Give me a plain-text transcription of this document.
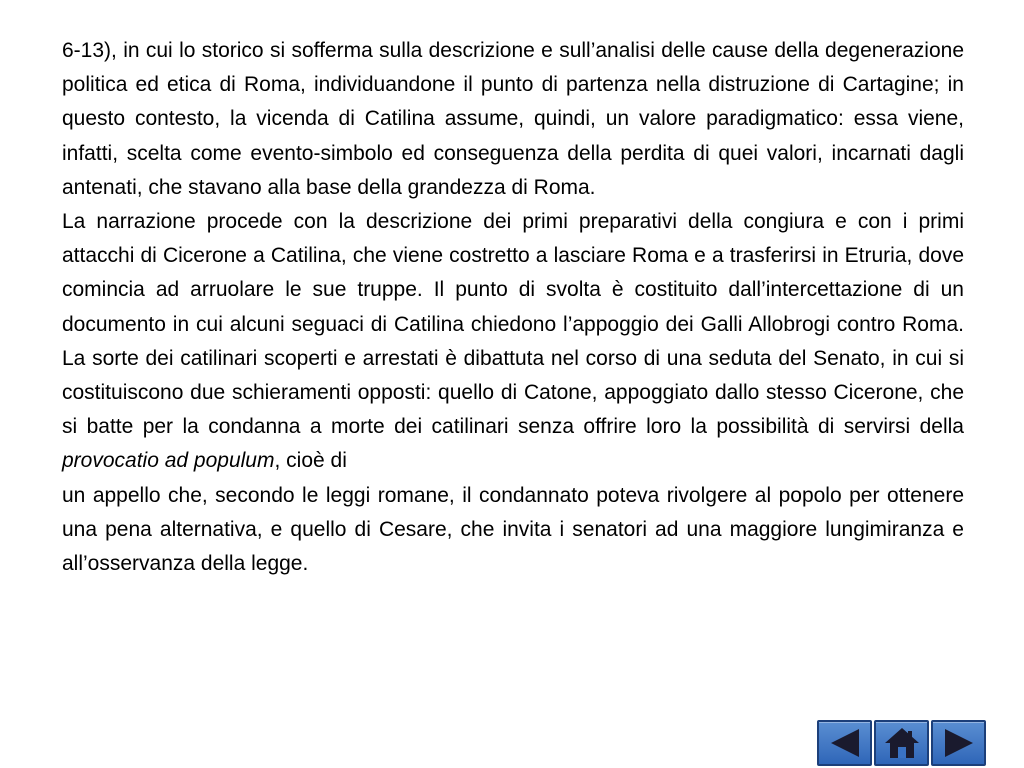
6-13), in cui lo storico si sofferma sulla descrizione e sull’analisi delle cause della degenerazione politica ed etica di Roma, individuandone il punto di partenza nella distruzione di Cartagine; in questo contesto, la vicenda di Catilina assume, quindi, un valore paradigmatico: essa viene, infatti, scelta come evento-simbolo ed conseguenza della perdita di quei valori, incarnati dagli antenati, che stavano alla base della grandezza di Roma.

La narrazione procede con la descrizione dei primi preparativi della congiura e con i primi attacchi di Cicerone a Catilina, che viene costretto a lasciare Roma e a trasferirsi in Etruria, dove comincia ad arruolare le sue truppe. Il punto di svolta è costituito dall’intercettazione di un documento in cui alcuni seguaci di Catilina chiedono l’appoggio dei Galli Allobrogi contro Roma. La sorte dei catilinari scoperti e arrestati è dibattuta nel corso di una seduta del Senato, in cui si costituiscono due schieramenti opposti: quello di Catone, appoggiato dallo stesso Cicerone, che si batte per la condanna a morte dei catilinari senza offrire loro la possibilità di servirsi della provocatio ad populum, cioè di

un appello che, secondo le leggi romane, il condannato poteva rivolgere al popolo per ottenere una pena alternativa, e quello di Cesare, che invita i senatori ad una maggiore lungimiranza e all’osservanza della legge.
